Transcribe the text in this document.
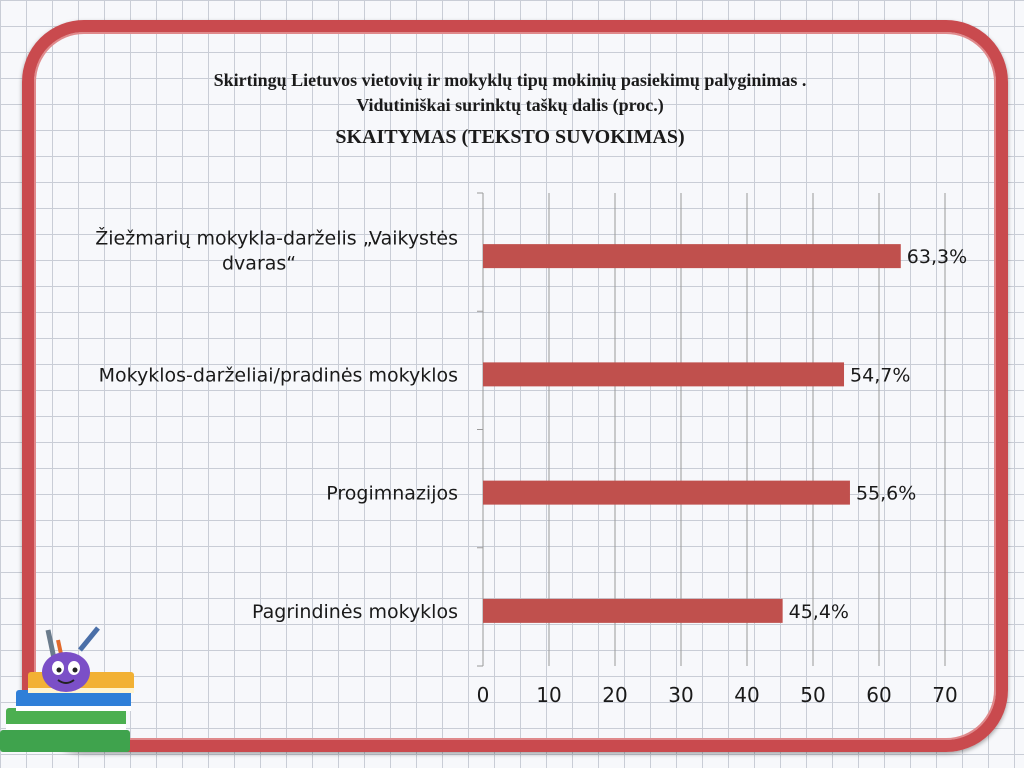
Skirtingų Lietuvos vietovių ir mokyklų tipų mokinių pasiekimų palyginimas .
Vidutiniškai surinktų taškų dalis (proc.)
SKAITYMAS (TEKSTO SUVOKIMAS)
0 10 20 30 40 50 60 70
63,3%
Žiežmarių mokykla-darželis „Vaikystės dvaras“
54,7%
Mokyklos-darželiai/pradinės mokyklos
55,6%
Progimnazijos
45,4%
Pagrindinės mokyklos
